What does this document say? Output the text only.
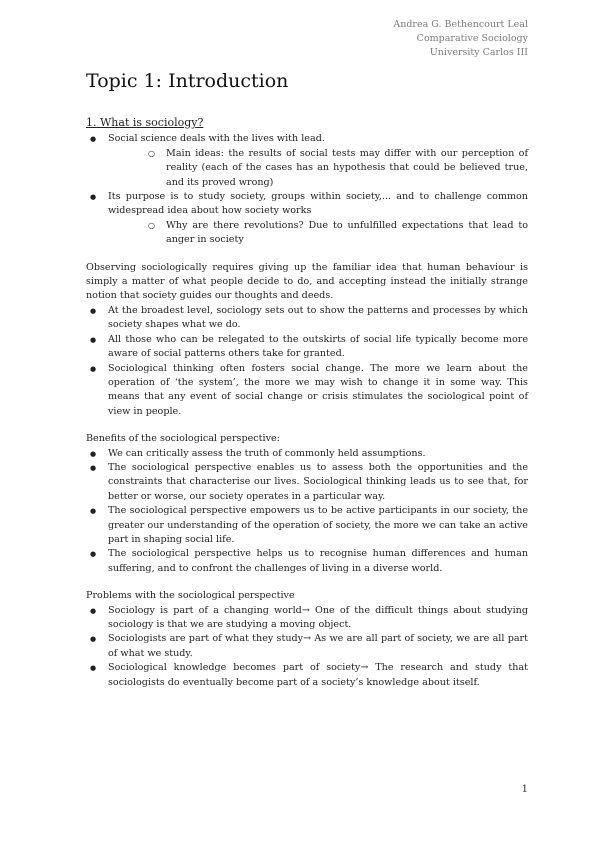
Andrea G. Bethencourt Leal
Comparative Sociology
University Carlos III
Topic 1: Introduction
1. What is sociology?
● Social science deals with the lives with lead.
○ Main ideas: the results of social tests may differ with our perception of reality (each of the cases has an hypothesis that could be believed true, and its proved wrong)
● Its purpose is to study society, groups within society,... and to challenge common widespread idea about how society works
○ Why are there revolutions? Due to unfulfilled expectations that lead to anger in society

Observing sociologically requires giving up the familiar idea that human behaviour is simply a matter of what people decide to do, and accepting instead the initially strange notion that society guides our thoughts and deeds.

● At the broadest level, sociology sets out to show the patterns and processes by which society shapes what we do.
● All those who can be relegated to the outskirts of social life typically become more aware of social patterns others take for granted.
● Sociological thinking often fosters social change. The more we learn about the operation of ‘the system’, the more we may wish to change it in some way. This means that any event of social change or crisis stimulates the sociological point of view in people.

Benefits of the sociological perspective:

● We can critically assess the truth of commonly held assumptions.
● The sociological perspective enables us to assess both the opportunities and the constraints that characterise our lives. Sociological thinking leads us to see that, for better or worse, our society operates in a particular way.
● The sociological perspective empowers us to be active participants in our society, the greater our understanding of the operation of society, the more we can take an active part in shaping social life.
● The sociological perspective helps us to recognise human differences and human suffering, and to confront the challenges of living in a diverse world.

Problems with the sociological perspective

● Sociology is part of a changing world→ One of the difficult things about studying sociology is that we are studying a moving object.
● Sociologists are part of what they study→ As we are all part of society, we are all part of what we study.
● Sociological knowledge becomes part of society→ The research and study that sociologists do eventually become part of a society’s knowledge about itself.
1
